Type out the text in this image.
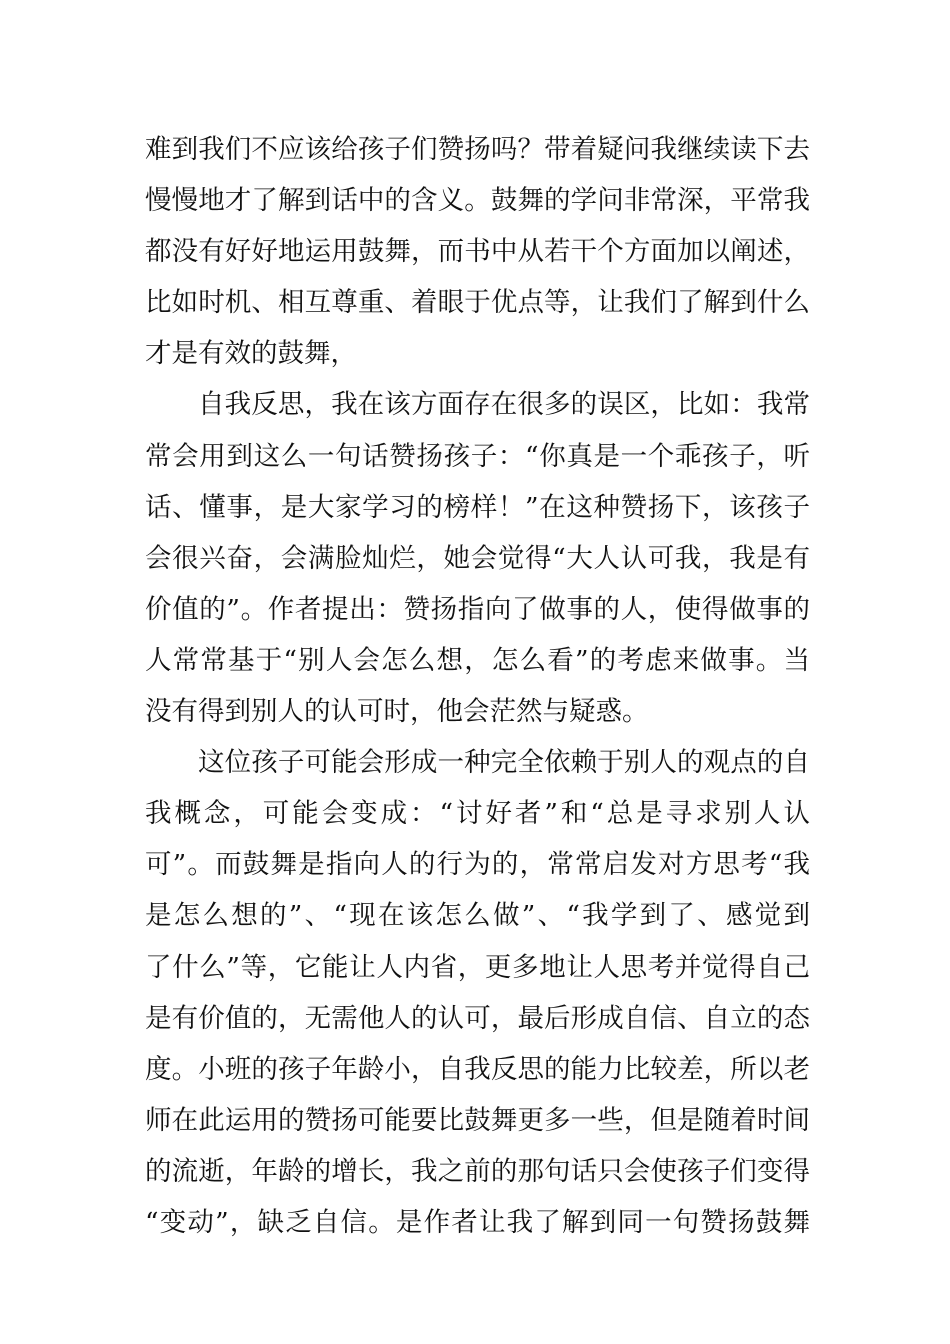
难到我们不应该给孩子们赞扬吗？带着疑问我继续读下去
慢慢地才了解到话中的含义。鼓舞的学问非常深，平常我
都没有好好地运用鼓舞，而书中从若干个方面加以阐述，
比如时机、相互尊重、着眼于优点等，让我们了解到什么
才是有效的鼓舞，
自我反思，我在该方面存在很多的误区，比如：我常
常会用到这么一句话赞扬孩子：“你真是一个乖孩子，听
话、懂事，是大家学习的榜样！”在这种赞扬下，该孩子
会很兴奋，会满脸灿烂，她会觉得“大人认可我，我是有
价值的”。作者提出：赞扬指向了做事的人，使得做事的
人常常基于“别人会怎么想，怎么看”的考虑来做事。当
没有得到别人的认可时，他会茫然与疑惑。
这位孩子可能会形成一种完全依赖于别人的观点的自
我概念，可能会变成：“讨好者”和“总是寻求别人认
可”。而鼓舞是指向人的行为的，常常启发对方思考“我
是怎么想的”、“现在该怎么做”、“我学到了、感觉到
了什么”等，它能让人内省，更多地让人思考并觉得自己
是有价值的，无需他人的认可，最后形成自信、自立的态
度。小班的孩子年龄小，自我反思的能力比较差，所以老
师在此运用的赞扬可能要比鼓舞更多一些，但是随着时间
的流逝，年龄的增长，我之前的那句话只会使孩子们变得
“变动”，缺乏自信。是作者让我了解到同一句赞扬鼓舞
